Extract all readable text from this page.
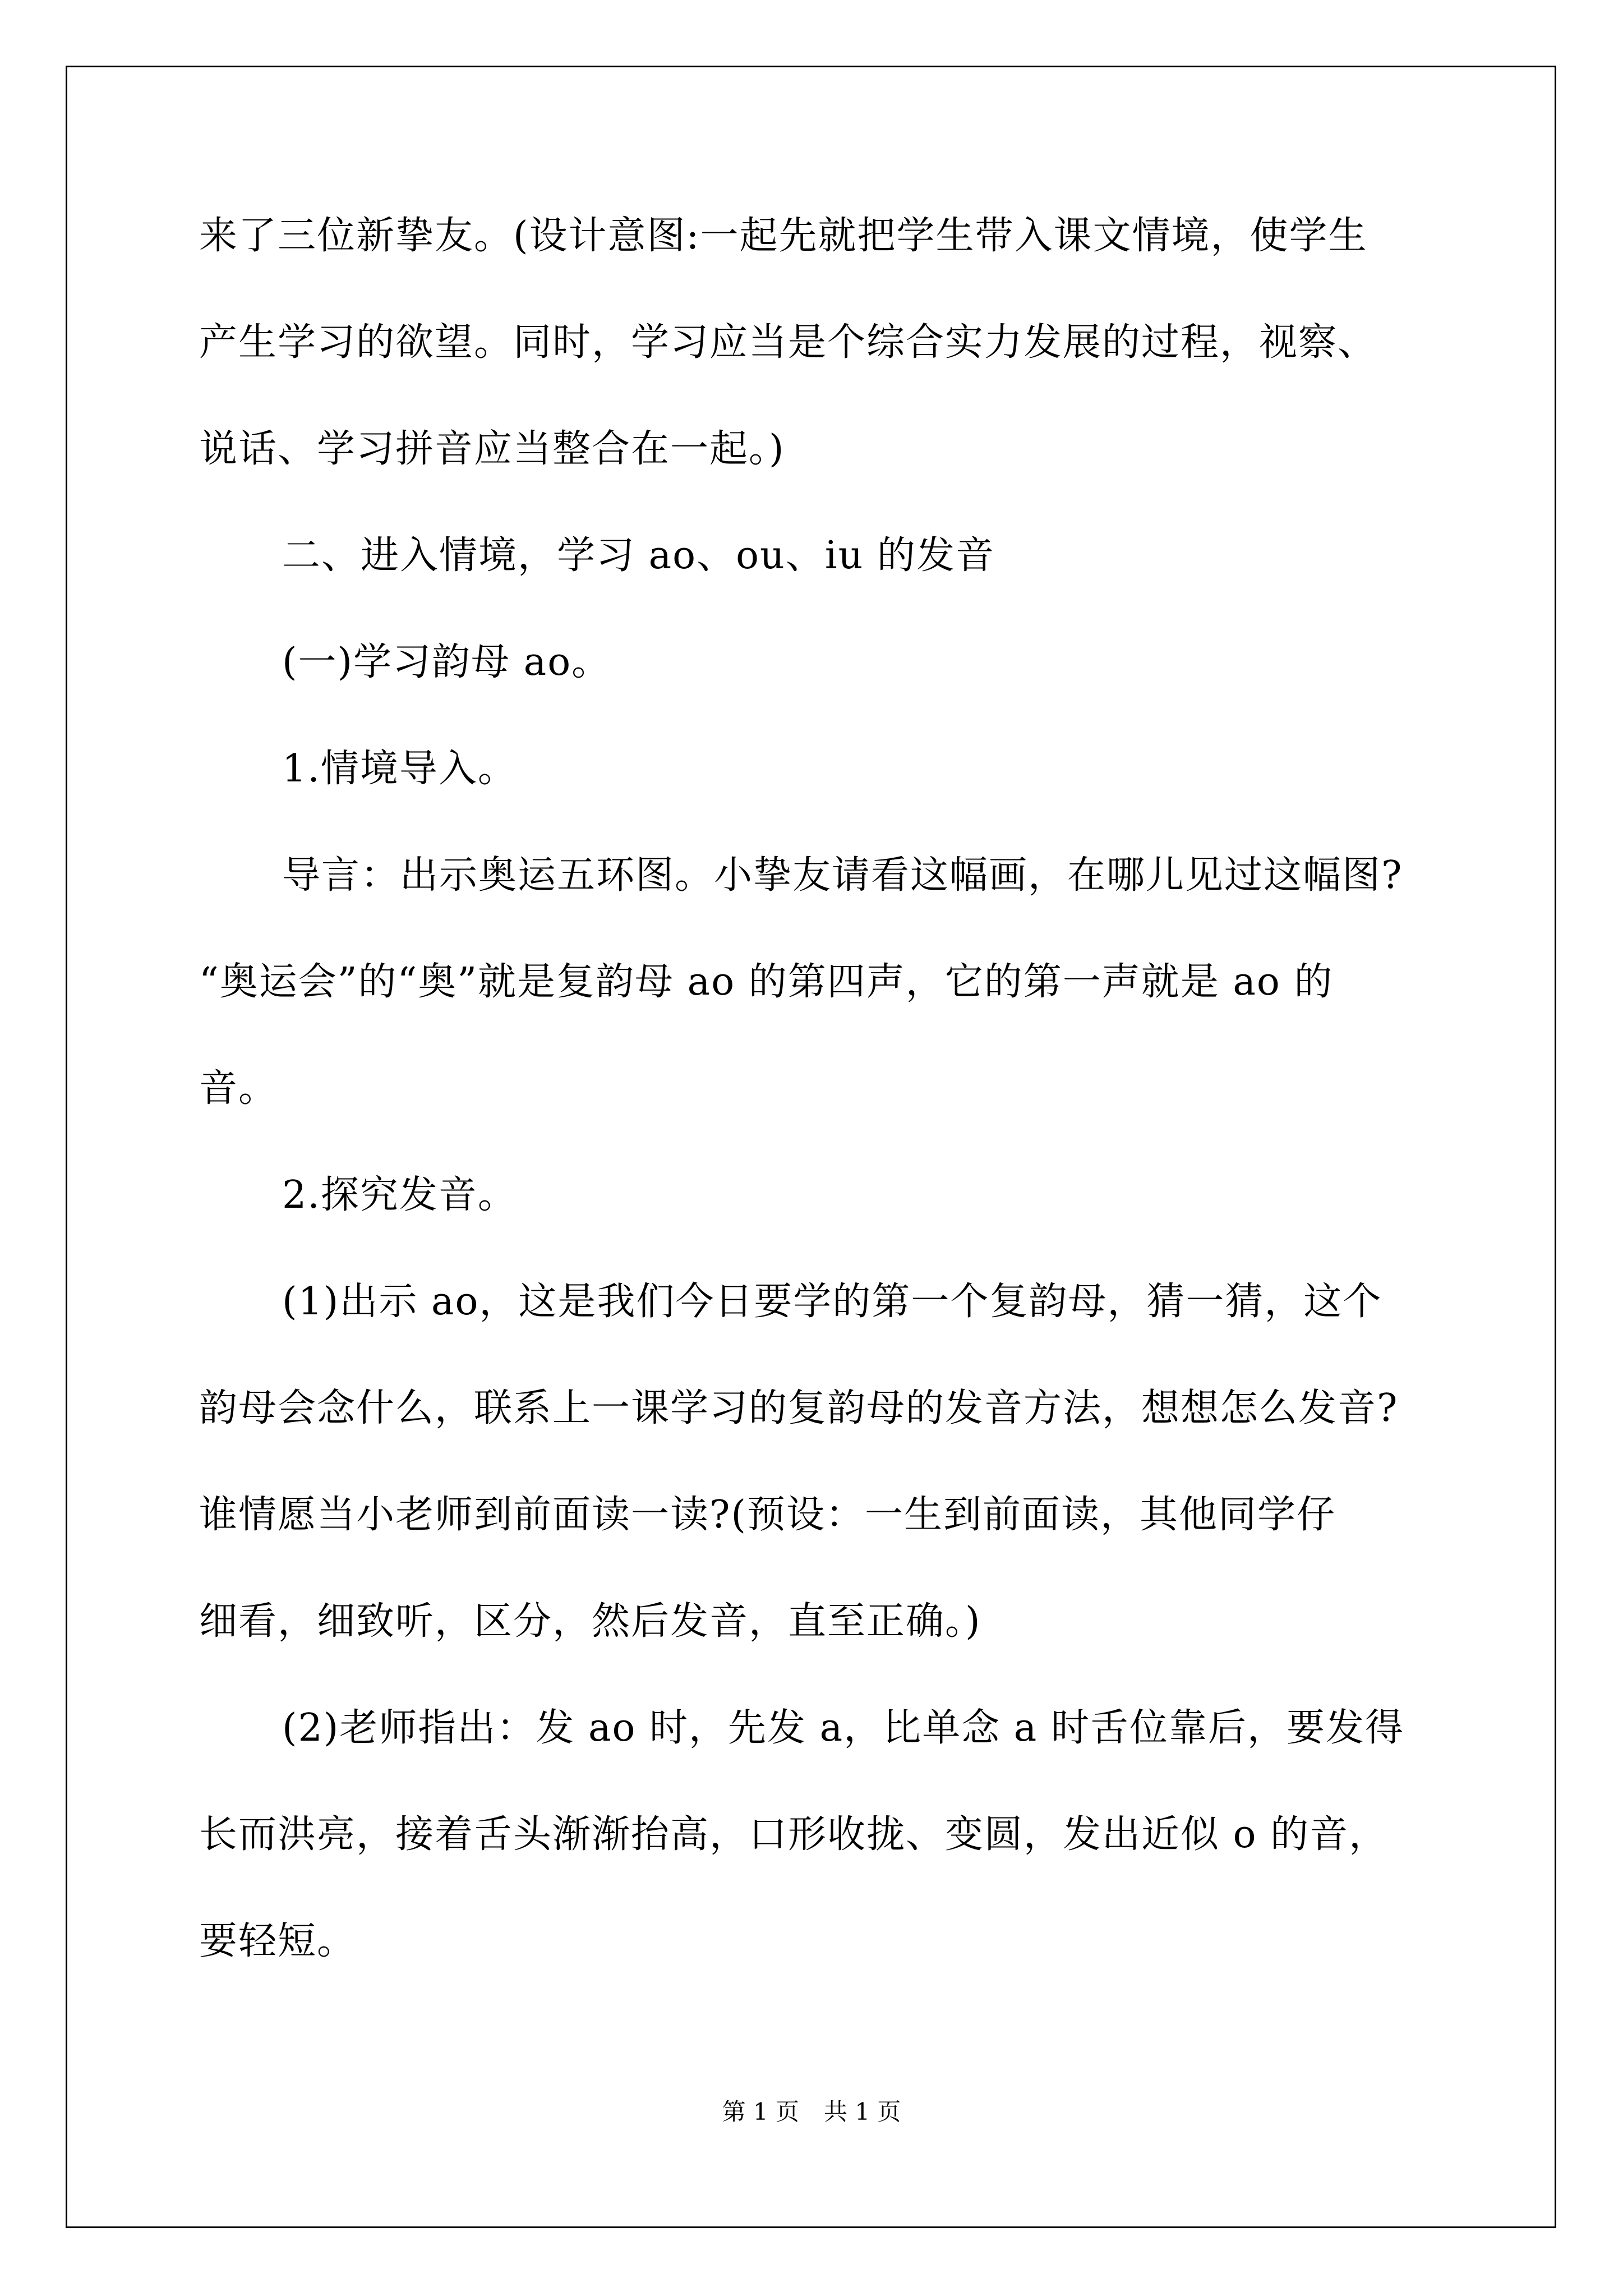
来了三位新挚友。(设计意图:一起先就把学生带入课文情境，使学生
产生学习的欲望。同时，学习应当是个综合实力发展的过程，视察、
说话、学习拼音应当整合在一起。)
二、进入情境，学习 ao、ou、iu 的发音
(一)学习韵母 ao。
1.情境导入。
导言：出示奥运五环图。小挚友请看这幅画，在哪儿见过这幅图?
“奥运会”的“奥”就是复韵母 ao 的第四声，它的第一声就是 ao 的
音。
2.探究发音。
(1)出示 ao，这是我们今日要学的第一个复韵母，猜一猜，这个
韵母会念什么，联系上一课学习的复韵母的发音方法，想想怎么发音?
谁情愿当小老师到前面读一读?(预设：一生到前面读，其他同学仔
细看，细致听，区分，然后发音，直至正确。)
(2)老师指出：发 ao 时，先发 a，比单念 a 时舌位靠后，要发得
长而洪亮，接着舌头渐渐抬高，口形收拢、变圆，发出近似 o 的音，
要轻短。
第 1 页 共 1 页
